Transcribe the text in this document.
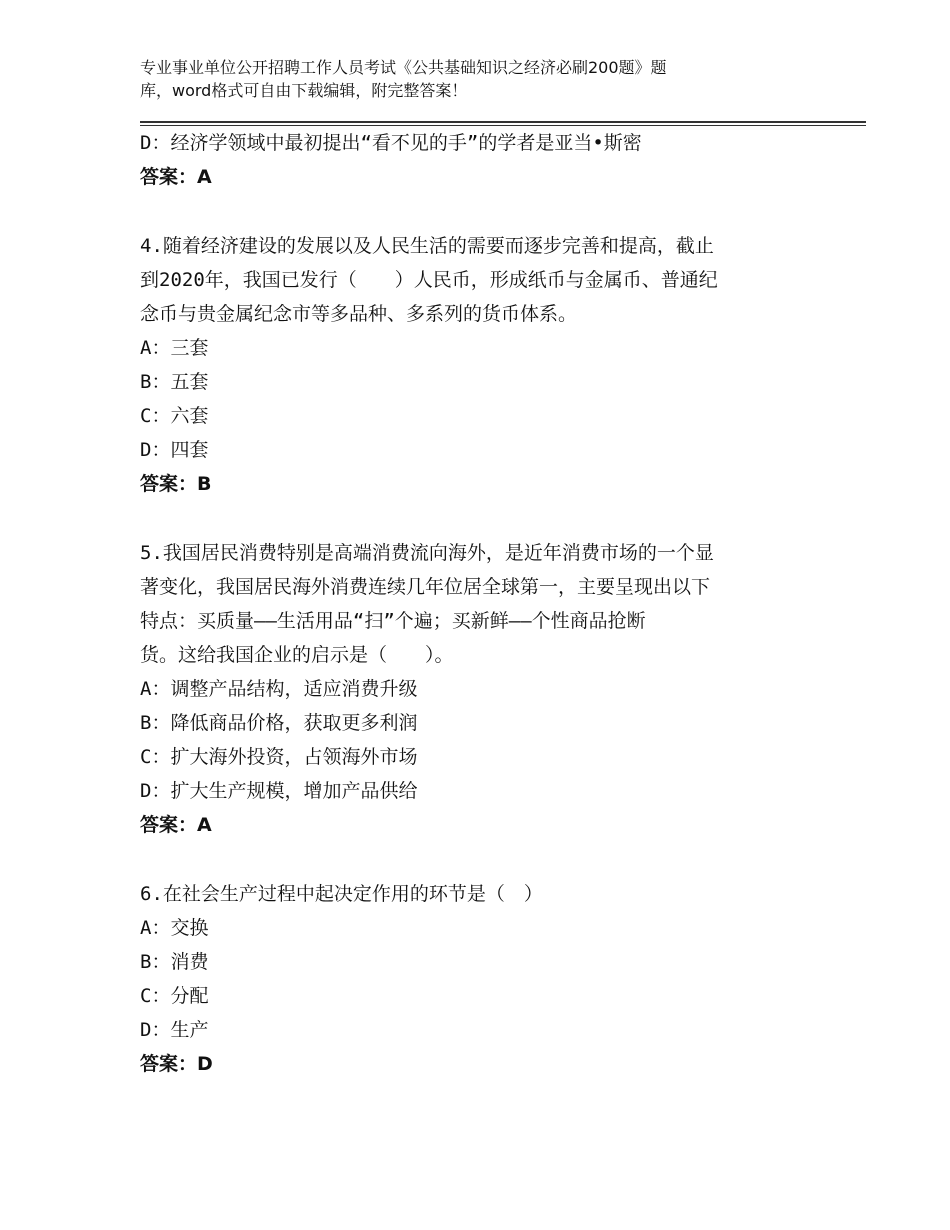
专业事业单位公开招聘工作人员考试《公共基础知识之经济必刷200题》题
库，word格式可自由下载编辑，附完整答案！
D：经济学领域中最初提出“看不见的手”的学者是亚当•斯密
答案：A
4.随着经济建设的发展以及人民生活的需要而逐步完善和提高，截止
到2020年，我国已发行（　　）人民币，形成纸币与金属币、普通纪
念币与贵金属纪念市等多品种、多系列的货币体系。
A：三套
B：五套
C：六套
D：四套
答案：B
5.我国居民消费特别是高端消费流向海外，是近年消费市场的一个显
著变化，我国居民海外消费连续几年位居全球第一，主要呈现出以下
特点：买质量——生活用品“扫”个遍；买新鲜——个性商品抢断
货。这给我国企业的启示是（　　）。
A：调整产品结构，适应消费升级
B：降低商品价格，获取更多利润
C：扩大海外投资，占领海外市场
D：扩大生产规模，增加产品供给
答案：A
6.在社会生产过程中起决定作用的环节是（　）
A：交换
B：消费
C：分配
D：生产
答案：D
